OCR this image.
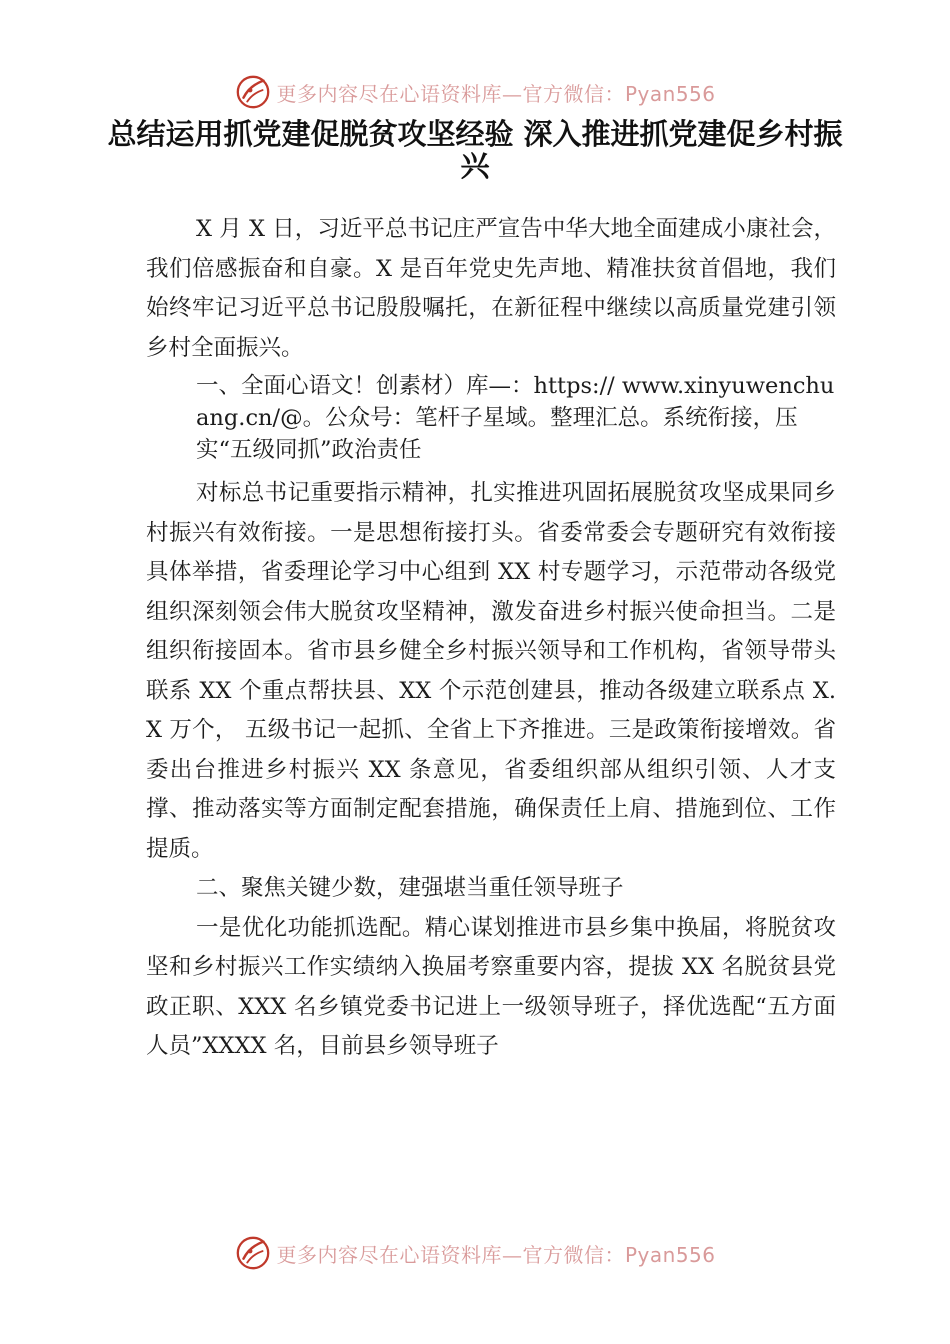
更多内容尽在心语资料库—官方微信：Pyan556
总结运用抓党建促脱贫攻坚经验 深入推进抓党建促乡村振兴

X 月 X 日，习近平总书记庄严宣告中华大地全面建成小康社会，我们倍感振奋和自豪。X 是百年党史先声地、精准扶贫首倡地，我们始终牢记习近平总书记殷殷嘱托，在新征程中继续以高质量党建引领乡村全面振兴。

一、全面心语文！创素材）库—：https:// www.xinyuwenchuang.cn/@。公众号：笔杆子星域。整理汇总。系统衔接，压实“五级同抓”政治责任

对标总书记重要指示精神，扎实推进巩固拓展脱贫攻坚成果同乡村振兴有效衔接。一是思想衔接打头。省委常委会专题研究有效衔接具体举措，省委理论学习中心组到 XX 村专题学习，示范带动各级党组织深刻领会伟大脱贫攻坚精神，激发奋进乡村振兴使命担当。二是组织衔接固本。省市县乡健全乡村振兴领导和工作机构，省领导带头联系 XX 个重点帮扶县、XX 个示范创建县，推动各级建立联系点 X.X 万个， 五级书记一起抓、全省上下齐推进。三是政策衔接增效。省 委出台推进乡村振兴 XX 条意见，省委组织部从组织引领、人才支撑、推动落实等方面制定配套措施，确保责任上肩、措施到位、工作提质。

二、聚焦关键少数，建强堪当重任领导班子

一是优化功能抓选配。精心谋划推进市县乡集中换届，将脱贫攻坚和乡村振兴工作实绩纳入换届考察重要内容，提拔 XX 名脱贫县党政正职、XXX 名乡镇党委书记进上一级领导班子，择优选配“五方面人员”XXXX 名，目前县乡领导班子

更多内容尽在心语资料库—官方微信：Pyan556
